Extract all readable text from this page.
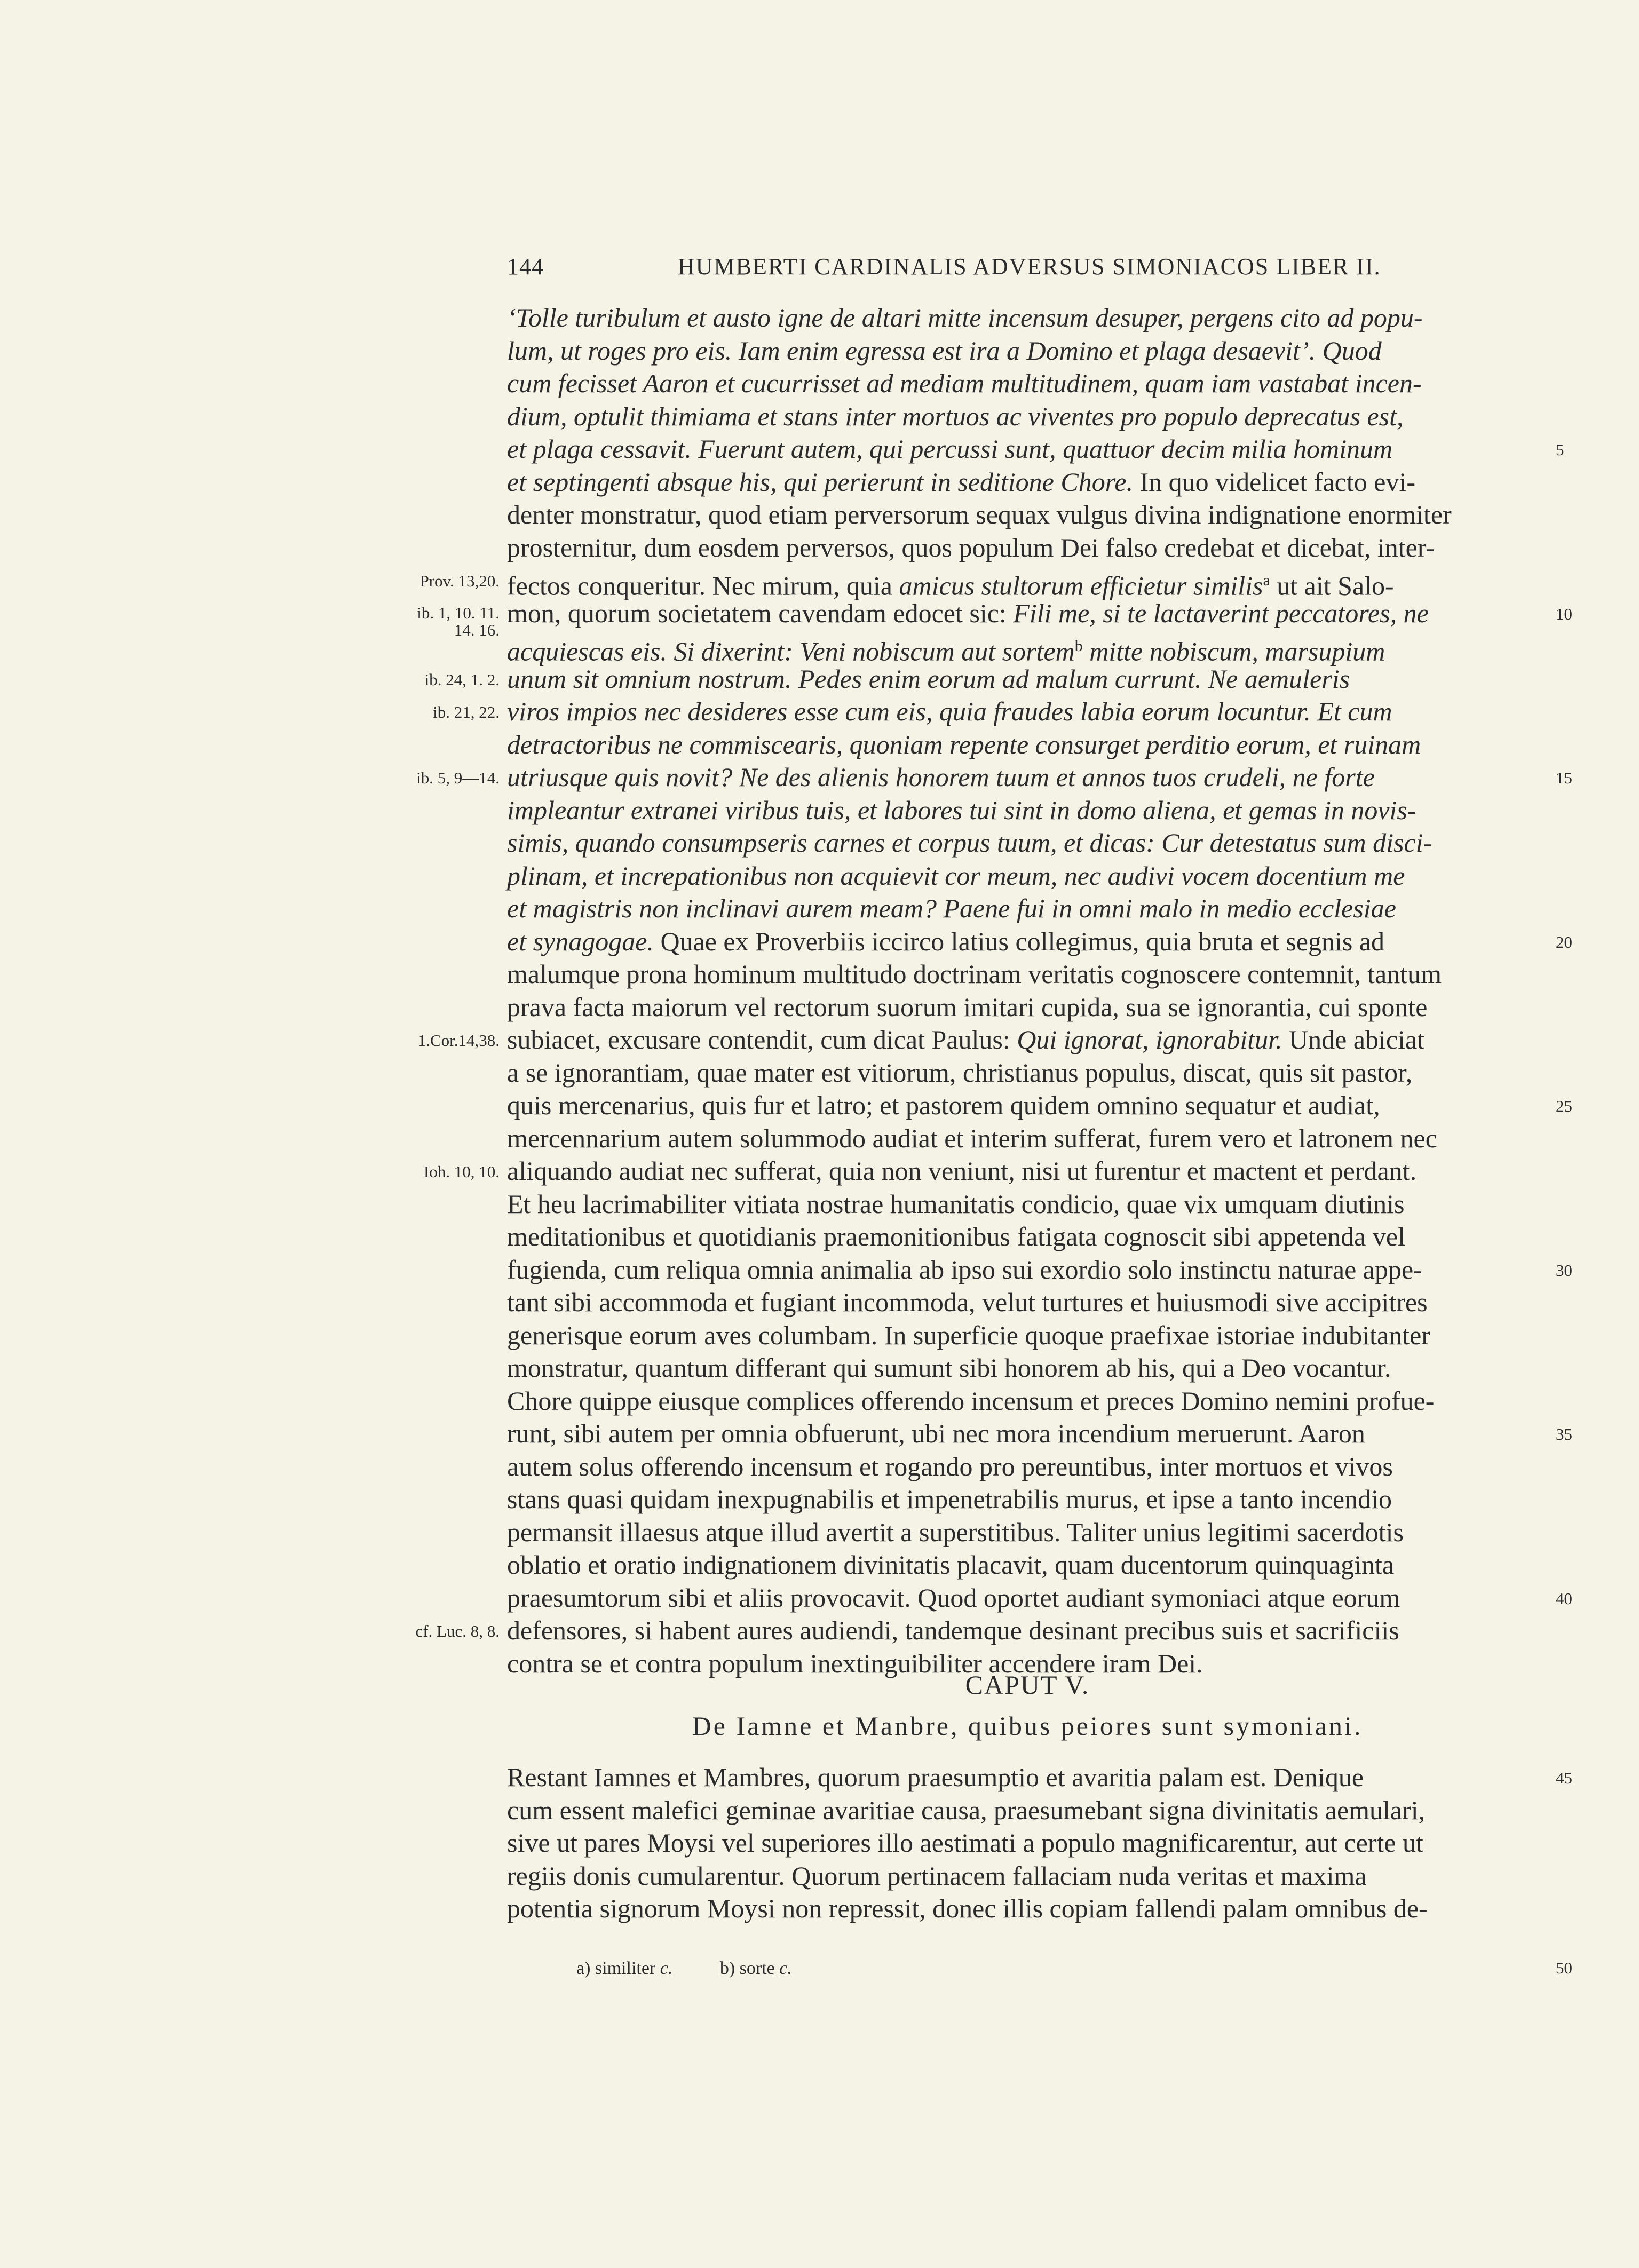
144	HUMBERTI CARDINALIS ADVERSUS SIMONIACOS LIBER II.
‘Tolle turibulum et austo igne de altari mitte incensum desuper, pergens cito ad popu-
lum, ut roges pro eis. Iam enim egressa est ira a Domino et plaga desaevit’. Quod
cum fecisset Aaron et cucurrisset ad mediam multitudinem, quam iam vastabat incen-
dium, optulit thimiama et stans inter mortuos ac viventes pro populo deprecatus est,
et plaga cessavit. Fuerunt autem, qui percussi sunt, quattuor decim milia hominum
et septingenti absque his, qui perierunt in seditione Chore. In quo videlicet facto evi-
denter monstratur, quod etiam perversorum sequax vulgus divina indignatione enormiter
prosternitur, dum eosdem perversos, quos populum Dei falso credebat et dicebat, inter-
fectos conqueritur. Nec mirum, quia amicus stultorum efficietur similis$^a$ ut ait Salo-
mon, quorum societatem cavendam edocet sic: Fili me, si te lactaverint peccatores, ne
acquiescas eis. Si dixerint: Veni nobiscum aut sortem$^b$ mitte nobiscum, marsupium
unum sit omnium nostrum. Pedes enim eorum ad malum currunt. Ne aemuleris
viros impios nec desideres esse cum eis, quia fraudes labia eorum locuntur. Et cum
detractoribus ne commiscearis, quoniam repente consurget perditio eorum, et ruinam
utriusque quis novit? Ne des alienis honorem tuum et annos tuos crudeli, ne forte
impleantur extranei viribus tuis, et labores tui sint in domo aliena, et gemas in novis-
simis, quando consumpseris carnes et corpus tuum, et dicas: Cur detestatus sum disci-
plinam, et increpationibus non acquievit cor meum, nec audivi vocem docentium me
et magistris non inclinavi aurem meam? Paene fui in omni malo in medio ecclesiae
et synagogae. Quae ex Proverbiis iccirco latius collegimus, quia bruta et segnis ad
malumque prona hominum multitudo doctrinam veritatis cognoscere contemnit, tantum
prava facta maiorum vel rectorum suorum imitari cupida, sua se ignorantia, cui sponte
subiacet, excusare contendit, cum dicat Paulus: Qui ignorat, ignorabitur. Unde abiciat
a se ignorantiam, quae mater est vitiorum, christianus populus, discat, quis sit pastor,
quis mercenarius, quis fur et latro; et pastorem quidem omnino sequatur et audiat,
mercennarium autem solummodo audiat et interim sufferat, furem vero et latronem nec
aliquando audiat nec sufferat, quia non veniunt, nisi ut furentur et mactent et perdant.
Et heu lacrimabiliter vitiata nostrae humanitatis condicio, quae vix umquam diutinis
meditationibus et quotidianis praemonitionibus fatigata cognoscit sibi appetenda vel
fugienda, cum reliqua omnia animalia ab ipso sui exordio solo instinctu naturae appe-
tant sibi accommoda et fugiant incommoda, velut turtures et huiusmodi sive accipitres
generisque eorum aves columbam. In superficie quoque praefixae istoriae indubitanter
monstratur, quantum differant qui sumunt sibi honorem ab his, qui a Deo vocantur.
Chore quippe eiusque complices offerendo incensum et preces Domino nemini profue-
runt, sibi autem per omnia obfuerunt, ubi nec mora incendium meruerunt. Aaron
autem solus offerendo incensum et rogando pro pereuntibus, inter mortuos et vivos
stans quasi quidam inexpugnabilis et impenetrabilis murus, et ipse a tanto incendio
permansit illaesus atque illud avertit a superstitibus. Taliter unius legitimi sacerdotis
oblatio et oratio indignationem divinitatis placavit, quam ducentorum quinquaginta
praesumtorum sibi et aliis provocavit. Quod oportet audiant symoniaci atque eorum
defensores, si habent aures audiendi, tandemque desinant precibus suis et sacrificiis
contra se et contra populum inextinguibiliter accendere iram Dei.
CAPUT V.
De Iamne et Manbre, quibus peiores sunt symoniani.
Restant Iamnes et Mambres, quorum praesumptio et avaritia palam est. Denique
cum essent malefici geminae avaritiae causa, praesumebant signa divinitatis aemulari,
sive ut pares Moysi vel superiores illo aestimati a populo magnificarentur, aut certe ut
regiis donis cumularentur. Quorum pertinacem fallaciam nuda veritas et maxima
potentia signorum Moysi non repressit, donec illis copiam fallendi palam omnibus de-
Prov. 13,20.
ib. 1, 10. 11.
14. 16.
ib. 24, 1. 2.
ib. 21, 22.
ib. 5, 9—14.
1.Cor.14,38.
Ioh. 10, 10.
cf. Luc. 8, 8.
5
10
15
20
25
30
35
40
45
a) similiter c.	b) sorte c.	50
